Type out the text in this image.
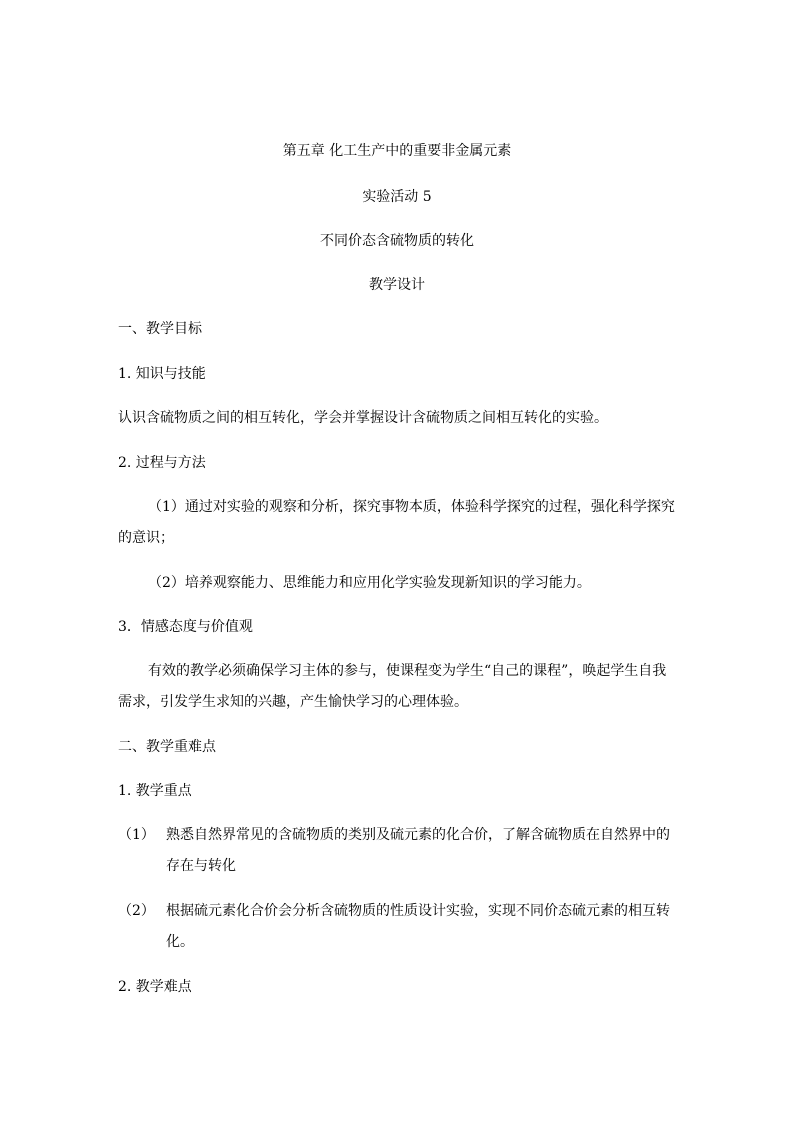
第五章 化工生产中的重要非金属元素
实验活动 5
不同价态含硫物质的转化
教学设计
一、教学目标
1. 知识与技能
认识含硫物质之间的相互转化，学会并掌握设计含硫物质之间相互转化的实验。
2. 过程与方法
（1）通过对实验的观察和分析，探究事物本质，体验科学探究的过程，强化科学探究
的意识；
（2）培养观察能力、思维能力和应用化学实验发现新知识的学习能力。
3．情感态度与价值观
有效的教学必须确保学习主体的参与，使课程变为学生“自己的课程”，唤起学生自我
需求，引发学生求知的兴趣，产生愉快学习的心理体验。
二、教学重难点
1. 教学重点
（1） 熟悉自然界常见的含硫物质的类别及硫元素的化合价，了解含硫物质在自然界中的
存在与转化
（2） 根据硫元素化合价会分析含硫物质的性质设计实验，实现不同价态硫元素的相互转
化。
2. 教学难点
